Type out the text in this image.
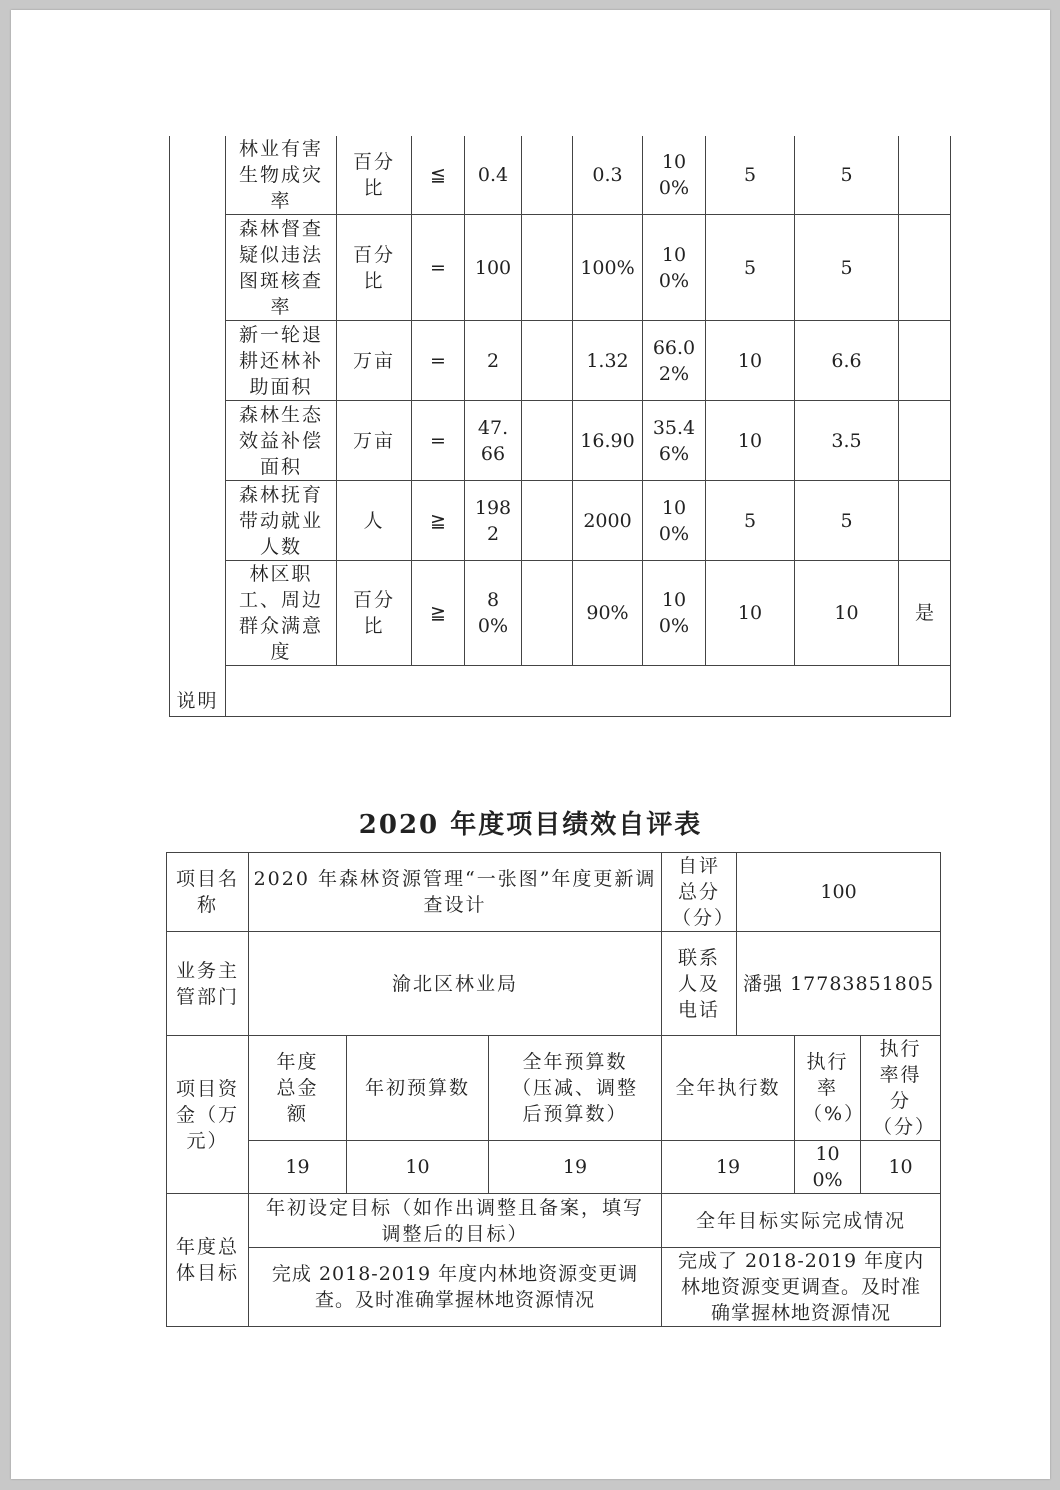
	林业有害生物成灾率	百分比	≦	0.4		0.3	100%	5	5	
	森林督查疑似违法图斑核查率	百分比	=	100		100%	100%	5	5	
	新一轮退耕还林补助面积	万亩	=	2		1.32	66.02%	10	6.6	
	森林生态效益补偿面积	万亩	=	47.66		16.90	35.46%	10	3.5	
	森林抚育带动就业人数	人	≧	1982		2000	100%	5	5	
	林区职工、周边群众满意度	百分比	≧	80%		90%	100%	10	10	是
说明										
2020 年度项目绩效自评表
项目名称	2020 年森林资源管理“一张图”年度更新调查设计			自评总分（分）	100		
业务主管部门	渝北区林业局			联系人及电话	潘强 17783851805		
项目资金（万元）	年度总金额	年初预算数	全年预算数（压减、调整后预算数）	全年执行数		执行率（%）	执行率得分（分）
	19	10	19	19		100%	10
年度总体目标	年初设定目标（如作出调整且备案，填写调整后的目标）			全年目标实际完成情况			
	完成 2018-2019 年度内林地资源变更调查。及时准确掌握林地资源情况			完成了 2018-2019 年度内林地资源变更调查。及时准确掌握林地资源情况			
